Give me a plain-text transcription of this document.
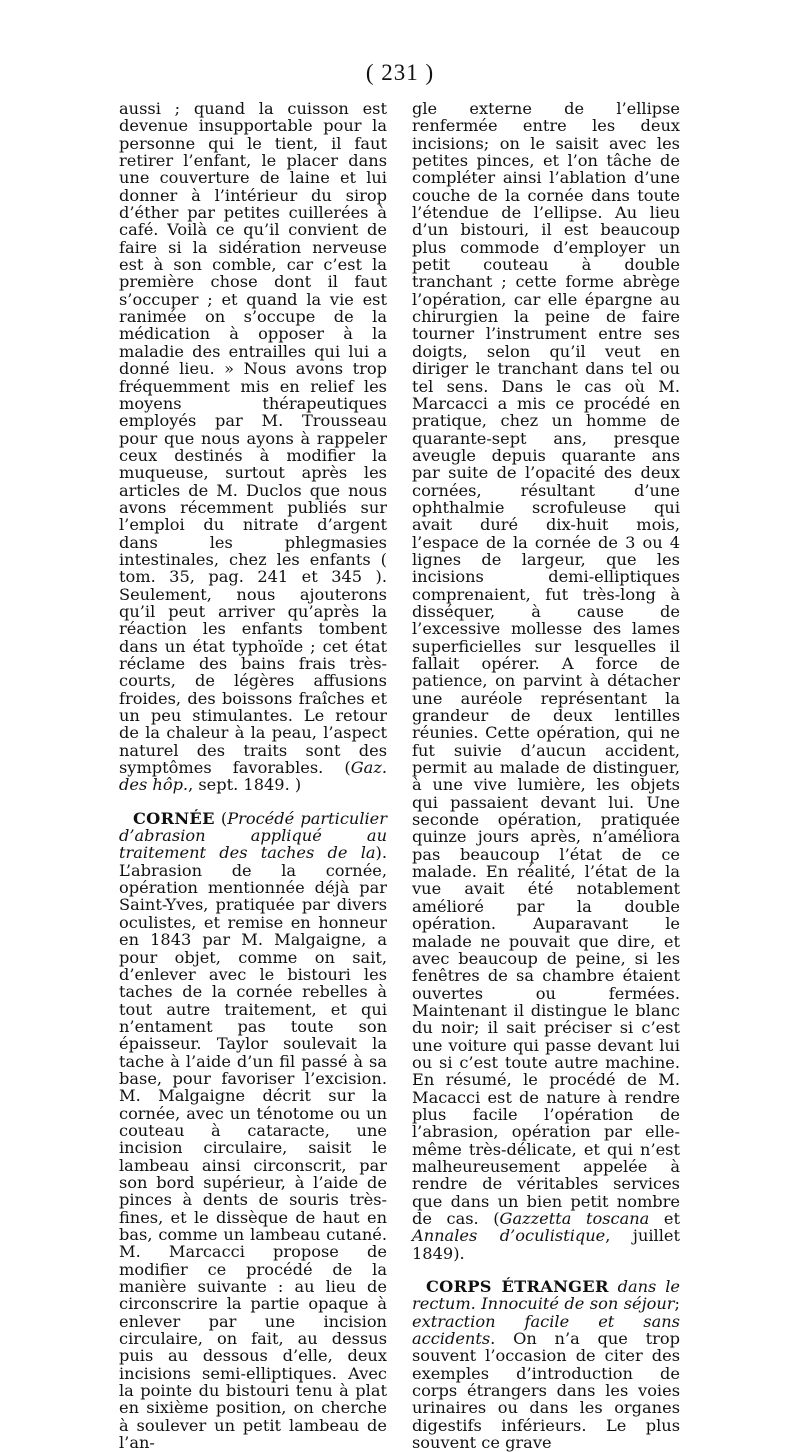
( 231 )

aussi ; quand la cuisson est devenue insupportable pour la personne qui le tient, il faut retirer l’enfant, le placer dans une couverture de laine et lui donner à l’intérieur du sirop d’éther par petites cuillerées à café. Voilà ce qu’il convient de faire si la sidération nerveuse est à son comble, car c’est la première chose dont il faut s’occuper ; et quand la vie est ranimée on s’occupe de la médication à opposer à la maladie des entrailles qui lui a donné lieu. » Nous avons trop fréquemment mis en relief les moyens thérapeutiques employés par M. Trousseau pour que nous ayons à rappeler ceux destinés à modifier la muqueuse, surtout après les articles de M. Duclos que nous avons récemment publiés sur l’emploi du nitrate d’argent dans les phlegmasies intestinales, chez les enfants ( tom. 35, pag. 241 et 345 ). Seulement, nous ajouterons qu’il peut arriver qu’après la réaction les enfants tombent dans un état typhoïde ; cet état réclame des bains frais très-courts, de légères affusions froides, des boissons fraîches et un peu stimulantes. Le retour de la chaleur à la peau, l’aspect naturel des traits sont des symptômes favorables. (Gaz. des hôp., sept. 1849. )

CORNÉE (Procédé particulier d’abrasion appliqué au traitement des taches de la). L’abrasion de la cornée, opération mentionnée déjà par Saint-Yves, pratiquée par divers oculistes, et remise en honneur en 1843 par M. Malgaigne, a pour objet, comme on sait, d’enlever avec le bistouri les taches de la cornée rebelles à tout autre traitement, et qui n’entament pas toute son épaisseur. Taylor soulevait la tache à l’aide d’un fil passé à sa base, pour favoriser l’excision. M. Malgaigne décrit sur la cornée, avec un ténotome ou un couteau à cataracte, une incision circulaire, saisit le lambeau ainsi circonscrit, par son bord supérieur, à l’aide de pinces à dents de souris très-fines, et le dissèque de haut en bas, comme un lambeau cutané. M. Marcacci propose de modifier ce procédé de la manière suivante : au lieu de circonscrire la partie opaque à enlever par une incision circulaire, on fait, au dessus puis au dessous d’elle, deux incisions semi-elliptiques. Avec la pointe du bistouri tenu à plat en sixième position, on cherche à soulever un petit lambeau de l’an-

gle externe de l’ellipse renfermée entre les deux incisions; on le saisit avec les petites pinces, et l’on tâche de compléter ainsi l’ablation d’une couche de la cornée dans toute l’étendue de l’ellipse. Au lieu d’un bistouri, il est beaucoup plus commode d’employer un petit couteau à double tranchant ; cette forme abrège l’opération, car elle épargne au chirurgien la peine de faire tourner l’instrument entre ses doigts, selon qu’il veut en diriger le tranchant dans tel ou tel sens. Dans le cas où M. Marcacci a mis ce procédé en pratique, chez un homme de quarante-sept ans, presque aveugle depuis quarante ans par suite de l’opacité des deux cornées, résultant d’une ophthalmie scrofuleuse qui avait duré dix-huit mois, l’espace de la cornée de 3 ou 4 lignes de largeur, que les incisions demi-elliptiques comprenaient, fut très-long à disséquer, à cause de l’excessive mollesse des lames superficielles sur lesquelles il fallait opérer. A force de patience, on parvint à détacher une auréole représentant la grandeur de deux lentilles réunies. Cette opération, qui ne fut suivie d’aucun accident, permit au malade de distinguer, à une vive lumière, les objets qui passaient devant lui. Une seconde opération, pratiquée quinze jours après, n’améliora pas beaucoup l’état de ce malade. En réalité, l’état de la vue avait été notablement amélioré par la double opération. Auparavant le malade ne pouvait que dire, et avec beaucoup de peine, si les fenêtres de sa chambre étaient ouvertes ou fermées. Maintenant il distingue le blanc du noir; il sait préciser si c’est une voiture qui passe devant lui ou si c’est toute autre machine. En résumé, le procédé de M. Macacci est de nature à rendre plus facile l’opération de l’abrasion, opération par elle-même très-délicate, et qui n’est malheureusement appelée à rendre de véritables services que dans un bien petit nombre de cas. (Gazzetta toscana et Annales d’oculistique, juillet 1849).

CORPS ÉTRANGER dans le rectum. Innocuité de son séjour; extraction facile et sans accidents. On n’a que trop souvent l’occasion de citer des exemples d’introduction de corps étrangers dans les voies urinaires ou dans les organes digestifs inférieurs. Le plus souvent ce grave
